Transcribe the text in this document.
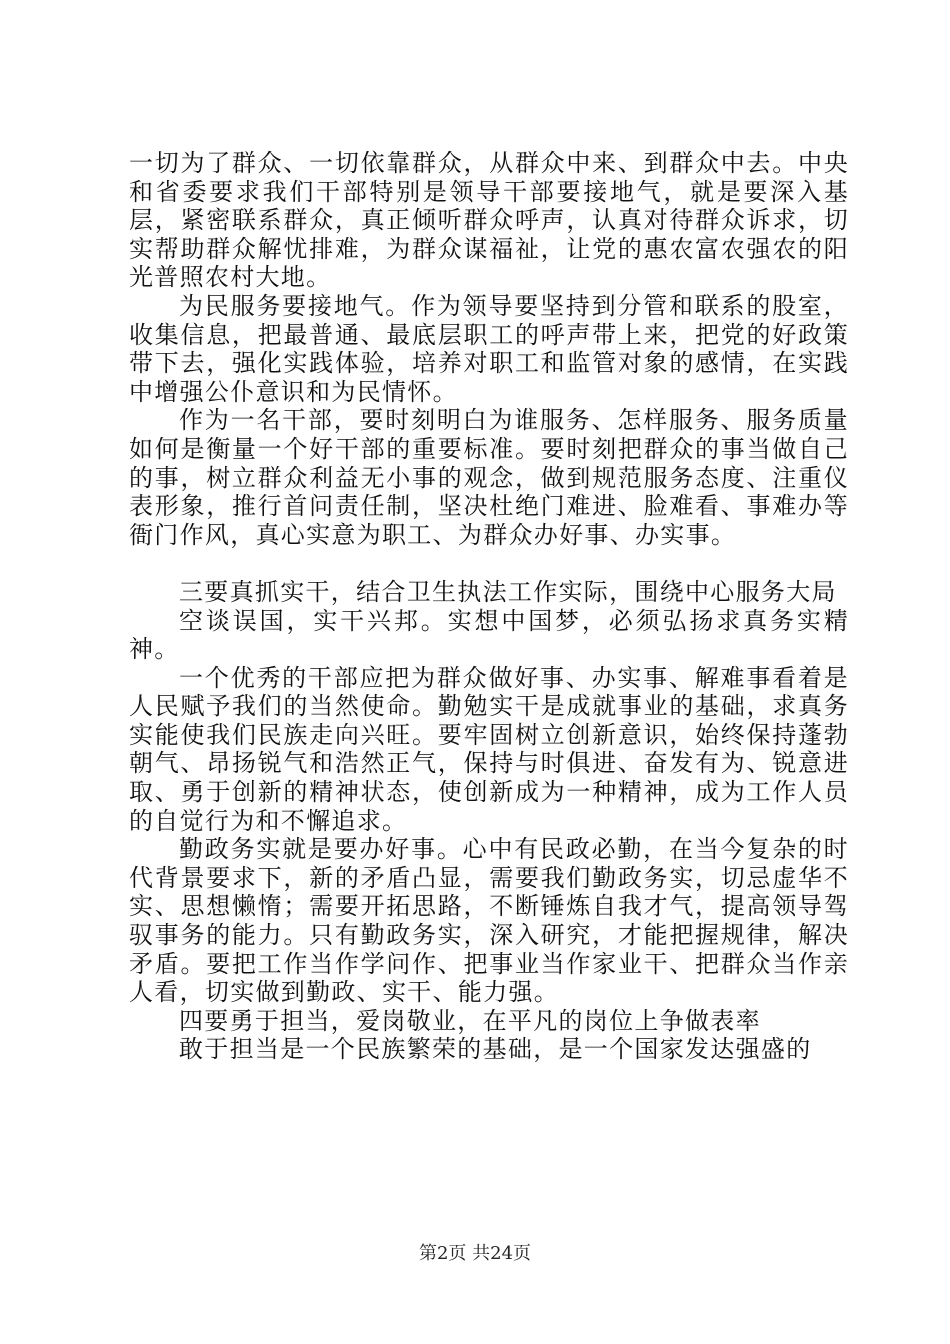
一切为了群众、一切依靠群众，从群众中来、到群众中去。中央和省委要求我们干部特别是领导干部要接地气，就是要深入基层，紧密联系群众，真正倾听群众呼声，认真对待群众诉求，切实帮助群众解忧排难，为群众谋福祉，让党的惠农富农强农的阳光普照农村大地。

为民服务要接地气。作为领导要坚持到分管和联系的股室，收集信息，把最普通、最底层职工的呼声带上来，把党的好政策带下去，强化实践体验，培养对职工和监管对象的感情，在实践中增强公仆意识和为民情怀。

作为一名干部，要时刻明白为谁服务、怎样服务、服务质量如何是衡量一个好干部的重要标准。要时刻把群众的事当做自己的事，树立群众利益无小事的观念，做到规范服务态度、注重仪表形象，推行首问责任制，坚决杜绝门难进、脸难看、事难办等衙门作风，真心实意为职工、为群众办好事、办实事。

三要真抓实干，结合卫生执法工作实际，围绕中心服务大局

空谈误国，实干兴邦。实想中国梦，必须弘扬求真务实精神。

一个优秀的干部应把为群众做好事、办实事、解难事看着是人民赋予我们的当然使命。勤勉实干是成就事业的基础，求真务实能使我们民族走向兴旺。要牢固树立创新意识，始终保持蓬勃朝气、昂扬锐气和浩然正气，保持与时俱进、奋发有为、锐意进取、勇于创新的精神状态，使创新成为一种精神，成为工作人员的自觉行为和不懈追求。

勤政务实就是要办好事。心中有民政必勤，在当今复杂的时代背景要求下，新的矛盾凸显，需要我们勤政务实，切忌虚华不实、思想懒惰；需要开拓思路，不断锤炼自我才气，提高领导驾驭事务的能力。只有勤政务实，深入研究，才能把握规律，解决矛盾。要把工作当作学问作、把事业当作家业干、把群众当作亲人看，切实做到勤政、实干、能力强。

四要勇于担当，爱岗敬业，在平凡的岗位上争做表率

敢于担当是一个民族繁荣的基础，是一个国家发达强盛的

第2页 共24页
